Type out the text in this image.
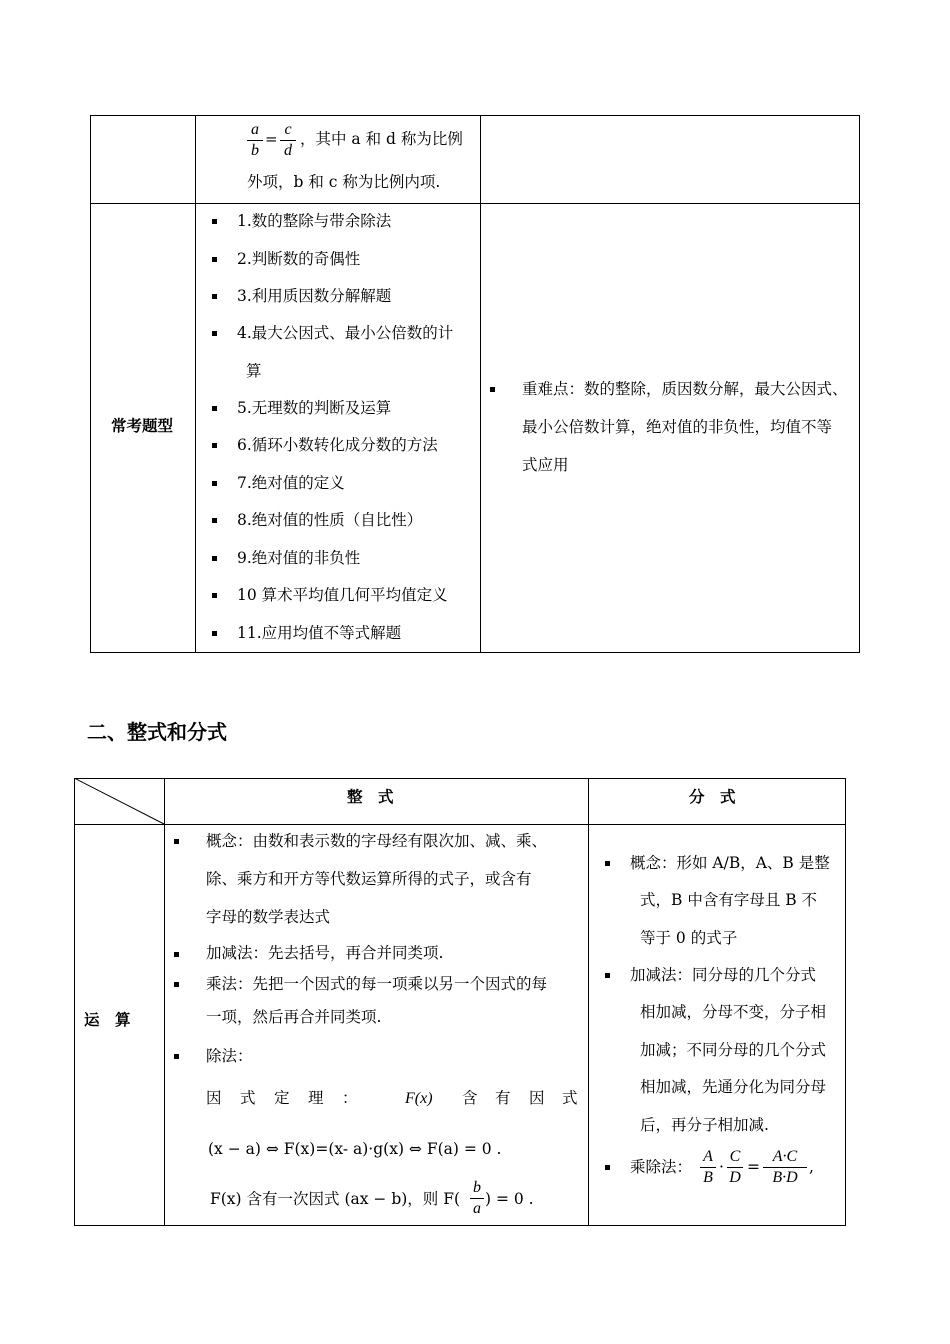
a
b
=
c
d
，其中 a 和 d 称为比例
外项，b 和 c 称为比例内项.
常考题型
1.数的整除与带余除法
2.判断数的奇偶性
3.利用质因数分解解题
4.最大公因式、最小公倍数的计
算
5.无理数的判断及运算
6.循环小数转化成分数的方法
7.绝对值的定义
8.绝对值的性质（自比性）
9.绝对值的非负性
10 算术平均值几何平均值定义
11.应用均值不等式解题
重难点：数的整除，质因数分解，最大公因式、
最小公倍数计算，绝对值的非负性，均值不等
式应用
二、整式和分式
整　式	分　式
运　算
概念：由数和表示数的字母经有限次加、减、乘、
除、乘方和开方等代数运算所得的式子，或含有
字母的数学表达式
加减法：先去括号，再合并同类项.
乘法：先把一个因式的每一项乘以另一个因式的每
一项，然后再合并同类项.
除法：
因 式 定 理 ：	F(x) 含 有 因 式
(x − a) ⇔ F(x)=(x- a)·g(x) ⇔ F(a) = 0 .
F(x) 含有一次因式 (ax − b)，则 F(
b
a
) = 0 .
概念：形如 A/B，A、B 是整
式，B 中含有字母且 B 不
等于 0 的式子
加减法：同分母的几个分式
相加减，分母不变，分子相
加减；不同分母的几个分式
相加减，先通分化为同分母
后，再分子相加减.
乘除法：
A
B
·
C
D
=
A·C
B·D
,
